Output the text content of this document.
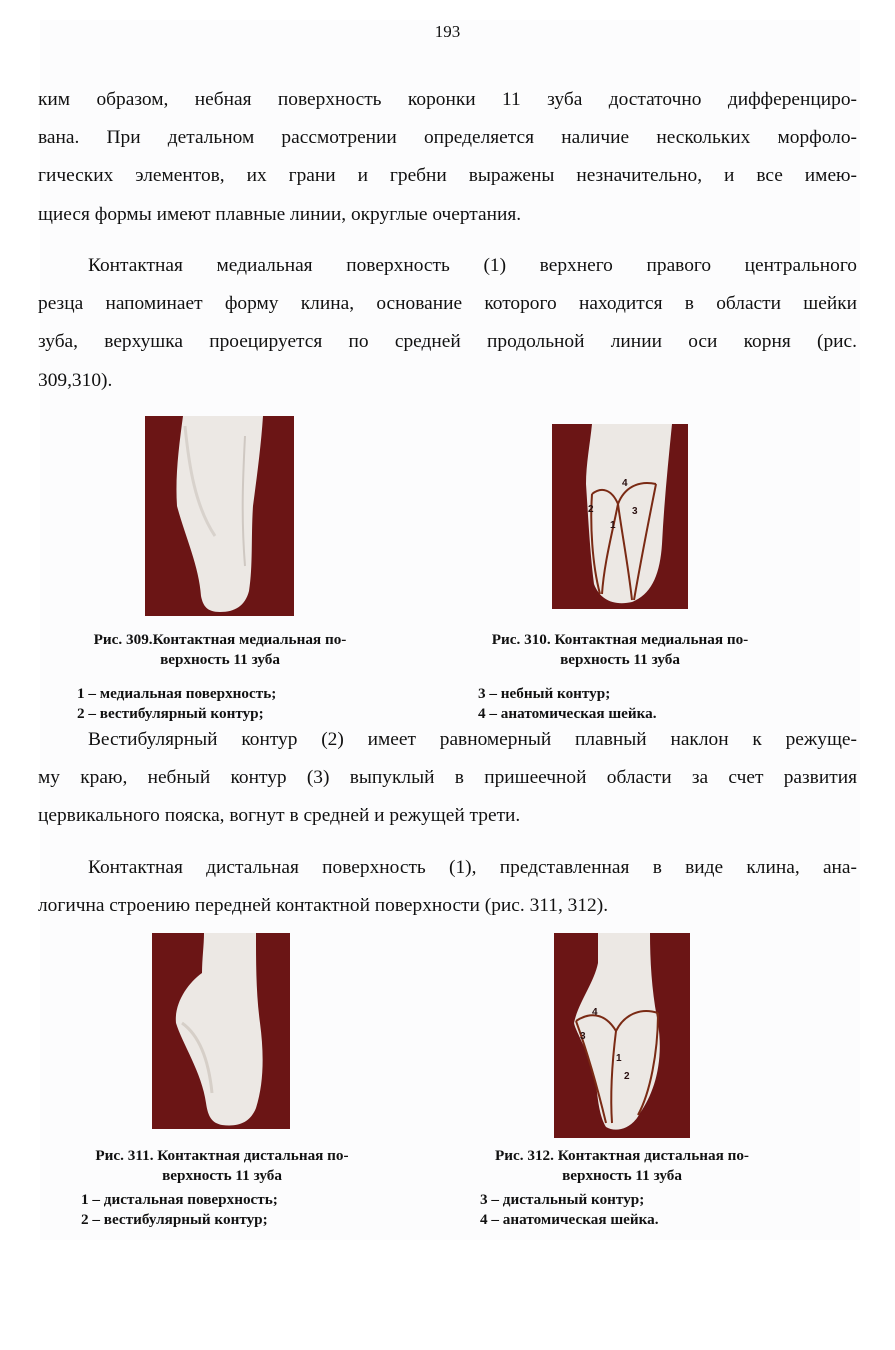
193
ким образом, небная поверхность коронки 11 зуба достаточно дифференциро-
вана. При детальном рассмотрении определяется наличие нескольких морфоло-
гических элементов, их грани и гребни выражены незначительно, и все имею-
щиеся формы имеют плавные линии, округлые очертания.
Контактная медиальная поверхность (1) верхнего правого центрального
резца напоминает форму клина, основание которого находится в области шейки
зуба, верхушка проецируется по средней продольной линии оси корня (рис.
309,310).
4
2	3
1
Рис. 309.Контактная медиальная по-
верхность 11 зуба
Рис. 310. Контактная медиальная по-
верхность 11 зуба
1 – медиальная поверхность;
2 – вестибулярный контур;
3 – небный контур;
4 – анатомическая шейка.
Вестибулярный контур (2) имеет равномерный плавный наклон к режуще-
му краю, небный контур (3) выпуклый в пришеечной области за счет развития
цервикального пояска, вогнут в средней и режущей трети.
Контактная дистальная поверхность (1), представленная в виде клина, ана-
логична строению передней контактной поверхности (рис. 311, 312).
4
3
1
2
Рис. 311. Контактная дистальная по-
верхность 11 зуба
Рис. 312. Контактная дистальная по-
верхность 11 зуба
1 – дистальная поверхность;
2 – вестибулярный контур;
3 – дистальный контур;
4 – анатомическая шейка.
